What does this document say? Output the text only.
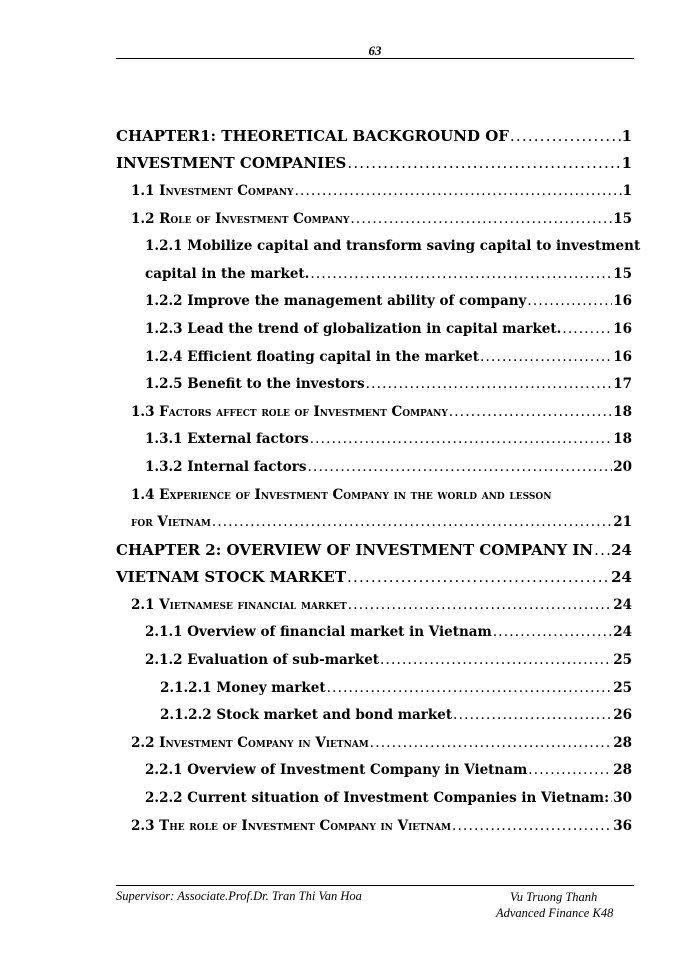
63
CHAPTER1: THEORETICAL BACKGROUND OF .....	1
INVESTMENT COMPANIES .....	1
1.1 Investment Company .....	1
1.2 Role of Investment Company .....	15
1.2.1 Mobilize capital and transform saving capital to investment
capital in the market. .....	15
1.2.2 Improve the management ability of company .....	16
1.2.3 Lead the trend of globalization in capital market. .....	16
1.2.4 Efficient floating capital in the market .....	16
1.2.5 Benefit to the investors .....	17
1.3 Factors affect role of Investment Company .....	18
1.3.1 External factors .....	18
1.3.2 Internal factors .....	20
1.4 Experience of Investment Company in the world and lesson
for Vietnam .....	21
CHAPTER 2: OVERVIEW OF INVESTMENT COMPANY IN ..... 24
VIETNAM STOCK MARKET .....	24
2.1 Vietnamese financial market .....	24
2.1.1 Overview of financial market in Vietnam .....	24
2.1.2 Evaluation of sub-market .....	25
2.1.2.1 Money market .....	25
2.1.2.2 Stock market and bond market .....	26
2.2 Investment Company in Vietnam .....	28
2.2.1 Overview of Investment Company in Vietnam .....	28
2.2.2 Current situation of Investment Companies in Vietnam: ..... 30
2.3 The role of Investment Company in Vietnam .....	36
Supervisor: Associate.Prof.Dr. Tran Thi Van Hoa	Vu Truong Thanh
Advanced Finance K48
